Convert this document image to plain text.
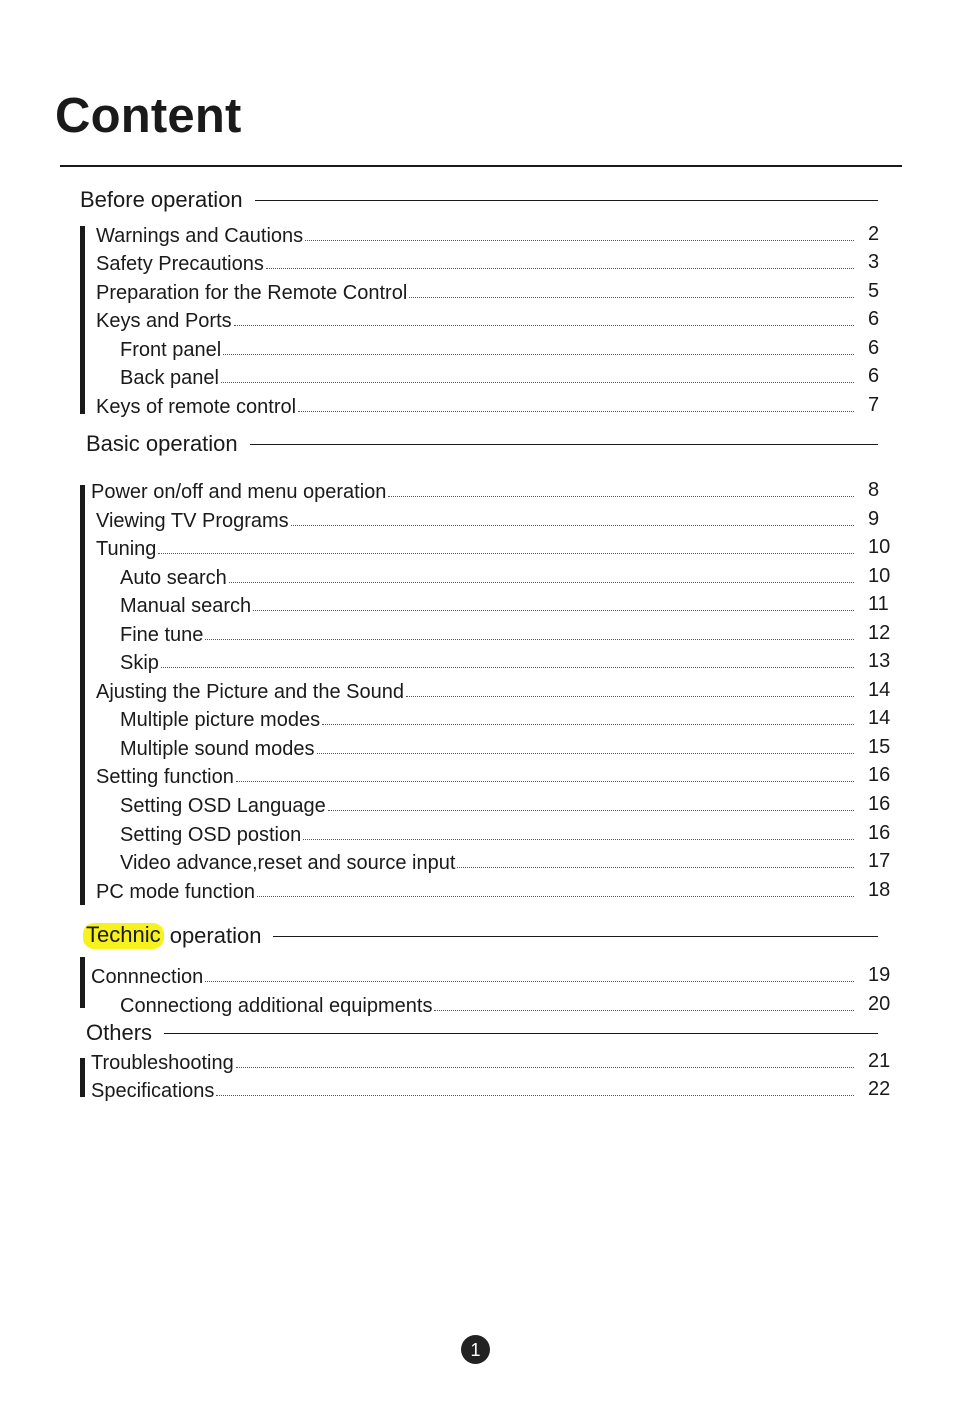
Content
Before operation
Warnings and Cautions	2
Safety Precautions	3
Preparation for the Remote Control	5
Keys and Ports	6
Front panel	6
Back panel	6
Keys of remote control	7
Basic operation
Power on/off and menu operation	8
Viewing TV Programs	9
Tuning	10
Auto search	10
Manual search	11
Fine tune	12
Skip	13
Ajusting the Picture and the Sound	14
Multiple picture modes	14
Multiple sound modes	15
Setting function	16
Setting OSD Language	16
Setting OSD postion	16
Video advance,reset and source input	17
PC mode function	18
Technic operation
Connnection	19
Connectiong additional equipments	20
Others
Troubleshooting	21
Specifications	22
1
